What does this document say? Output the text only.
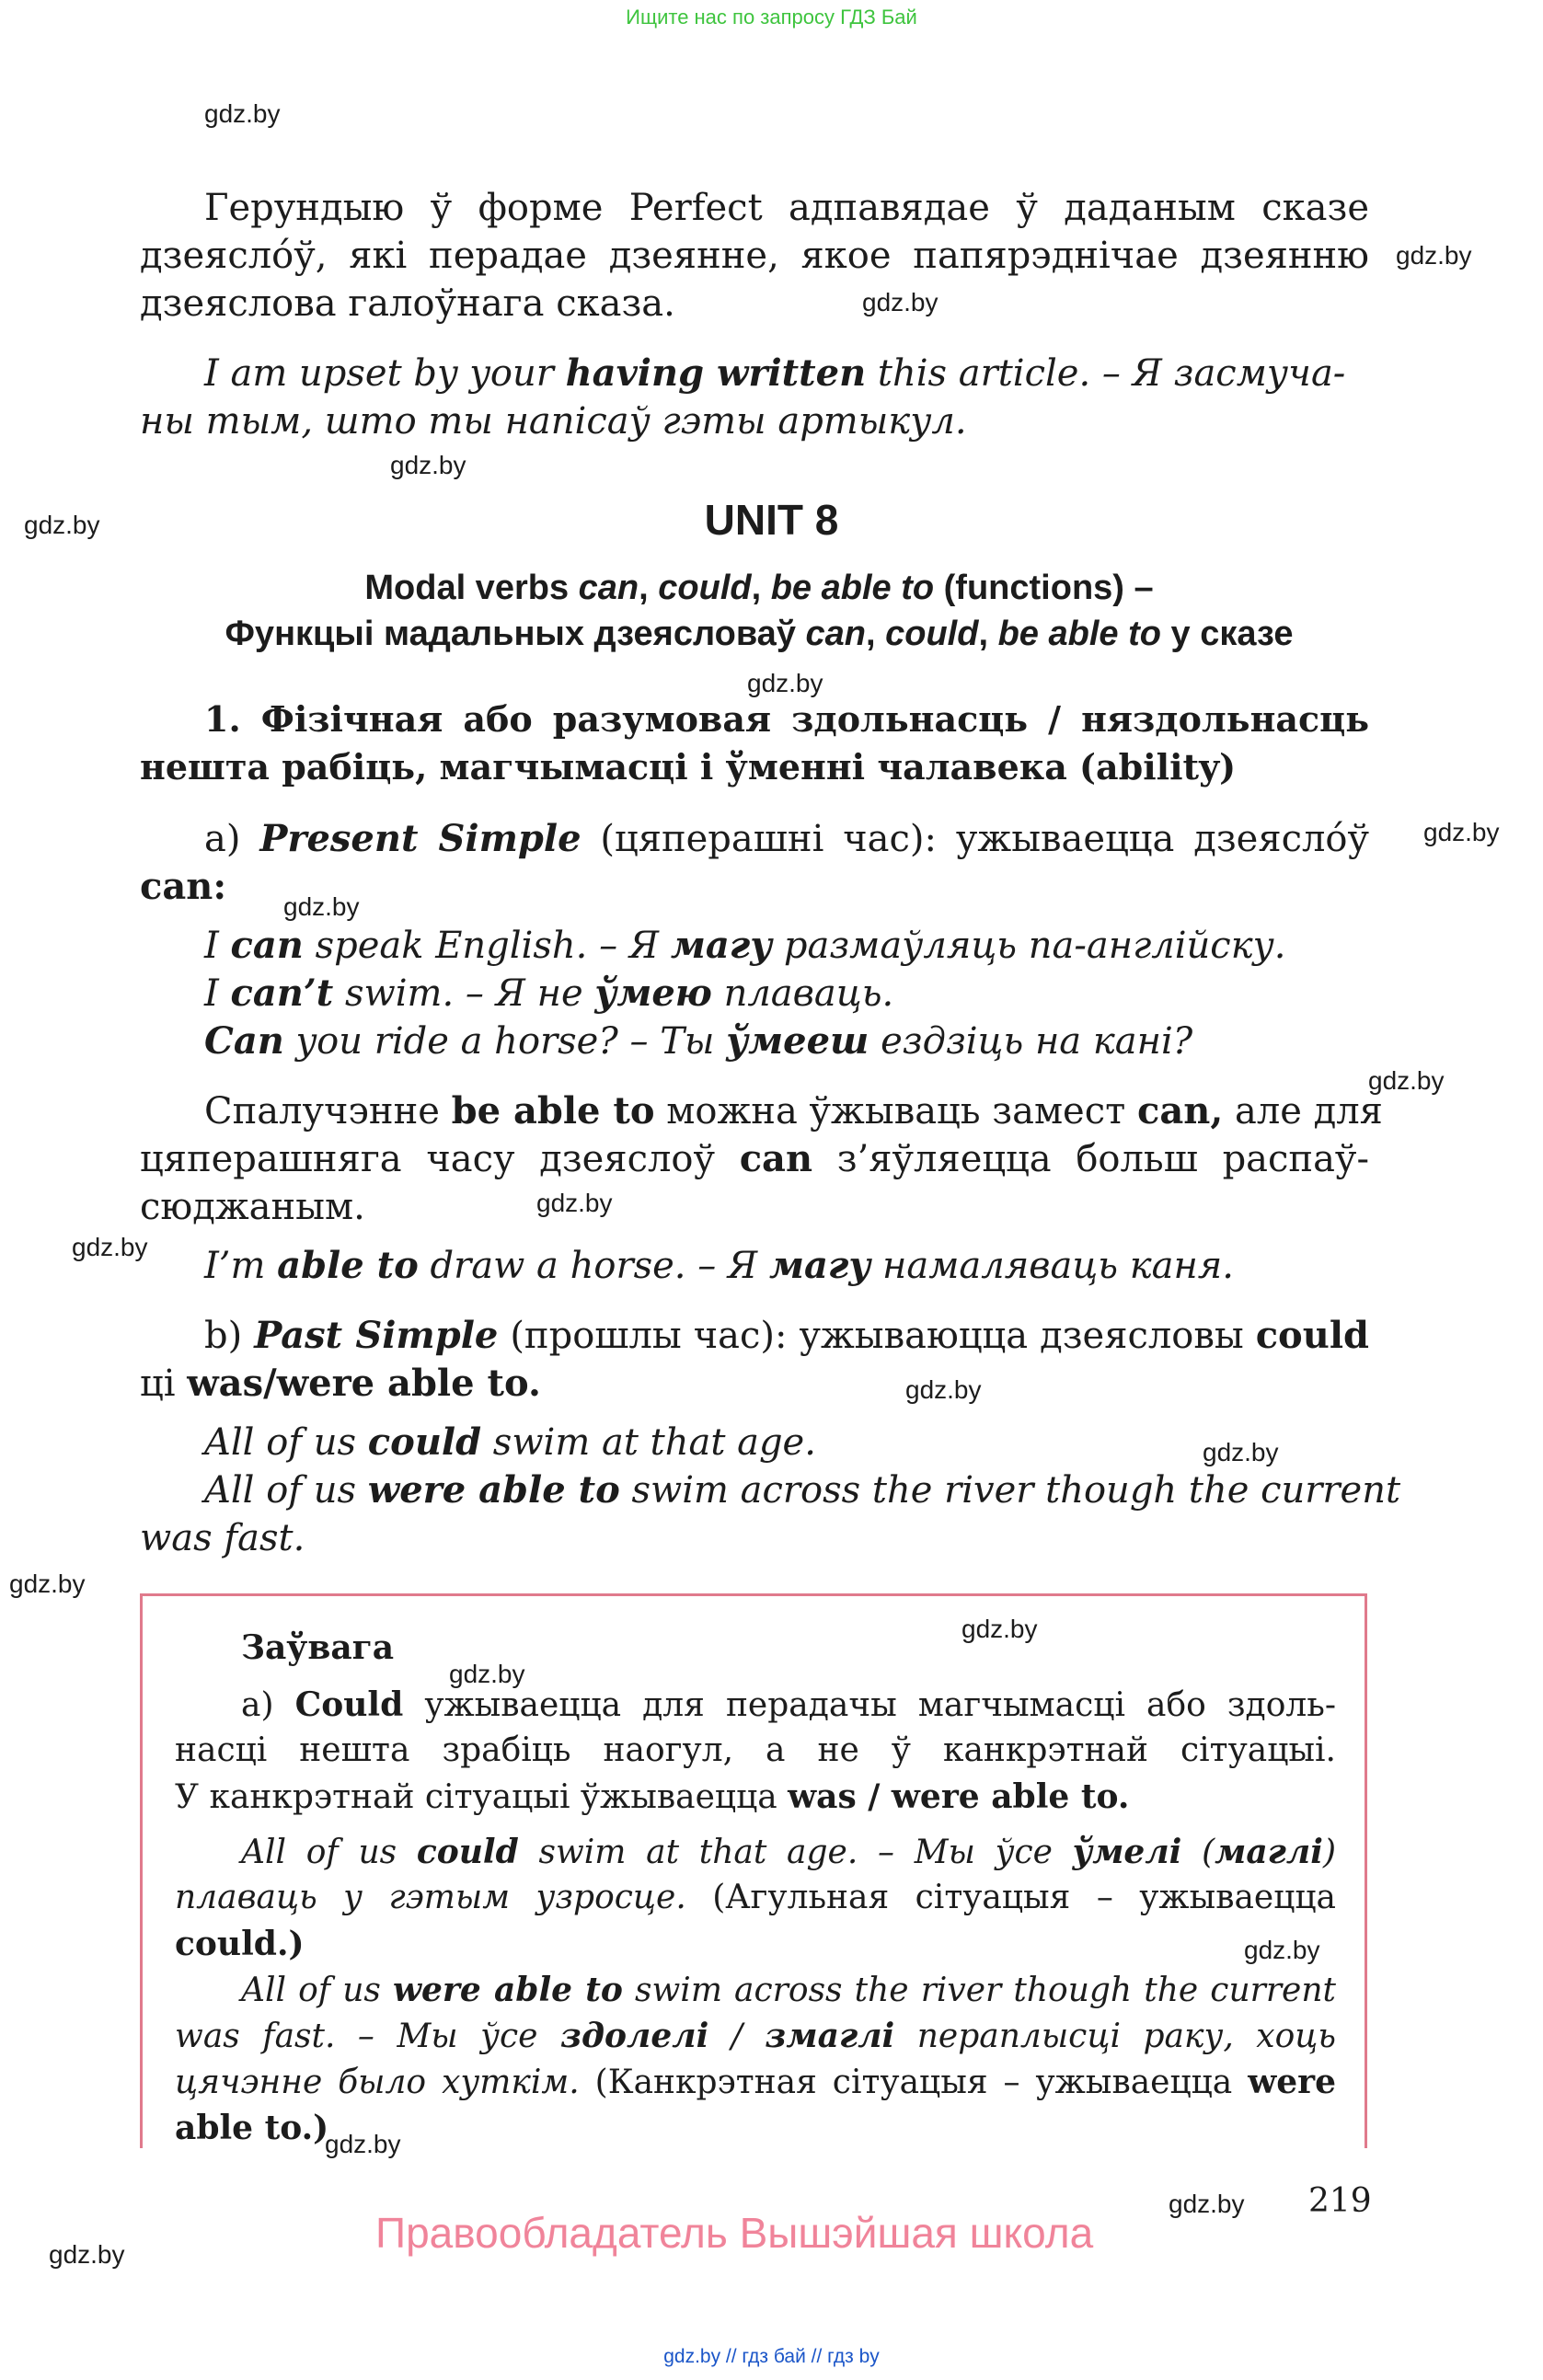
Ищите нас по запросу ГДЗ Бай
gdz.by
gdz.by
gdz.by
gdz.by
gdz.by
gdz.by
gdz.by
gdz.by
gdz.by
gdz.by
gdz.by
gdz.by
gdz.by
gdz.by
gdz.by
gdz.by
gdz.by
gdz.by
gdz.by
gdz.by
Герундыю ў форме Perfect адпавядае ў даданым сказе
дзеясло́ў, які перадае дзеянне, якое папярэднічае дзеянню
дзеяслова галоўнага сказа.
I am upset by your having written this article. – Я засмуча-
ны тым, што ты напісаў гэты артыкул.
UNIT 8
Modal verbs can, could, be able to (functions) –
Функцыі мадальных дзеясловаў can, could, be able to у сказе
1. Фізічная або разумовая здольнасць / няздольнасць
нешта рабіць, магчымасці і ўменні чалавека (ability)
a) Present Simple (цяперашні час): ужываецца дзеясло́ў
can:
I can speak English. – Я магу размаўляць па-англійску.
I can’t swim. – Я не ўмею плаваць.
Can you ride a horse? – Ты ўмееш ездзіць на кані?
Спалучэнне be able to можна ўжываць замест can, але для
цяперашняга часу дзеяслоў can з’яўляецца больш распаў-
сюджаным.
I’m able to draw a horse. – Я магу намаляваць каня.
b) Past Simple (прошлы час): ужываюцца дзеясловы could
ці was/were able to.
All of us could swim at that age.
All of us were able to swim across the river though the current
was fast.
Заўвага
a) Could ужываецца для перадачы магчымасці або здоль-
насці нешта зрабіць наогул, а не ў канкрэтнай сітуацыі.
У канкрэтнай сітуацыі ўжываецца was / were able to.
All of us could swim at that age. – Мы ўсе ўмелі (маглі)
плаваць у гэтым узросце. (Агульная сітуацыя – ужываецца
could.)
All of us were able to swim across the river though the current
was fast. – Мы ўсе здолелі / змаглі пераплысці раку, хоць
цячэнне было хуткім. (Канкрэтная сітуацыя – ужываецца were
able to.)
219
Правообладатель Вышэйшая школа
gdz.by // гдз бай // гдз by
